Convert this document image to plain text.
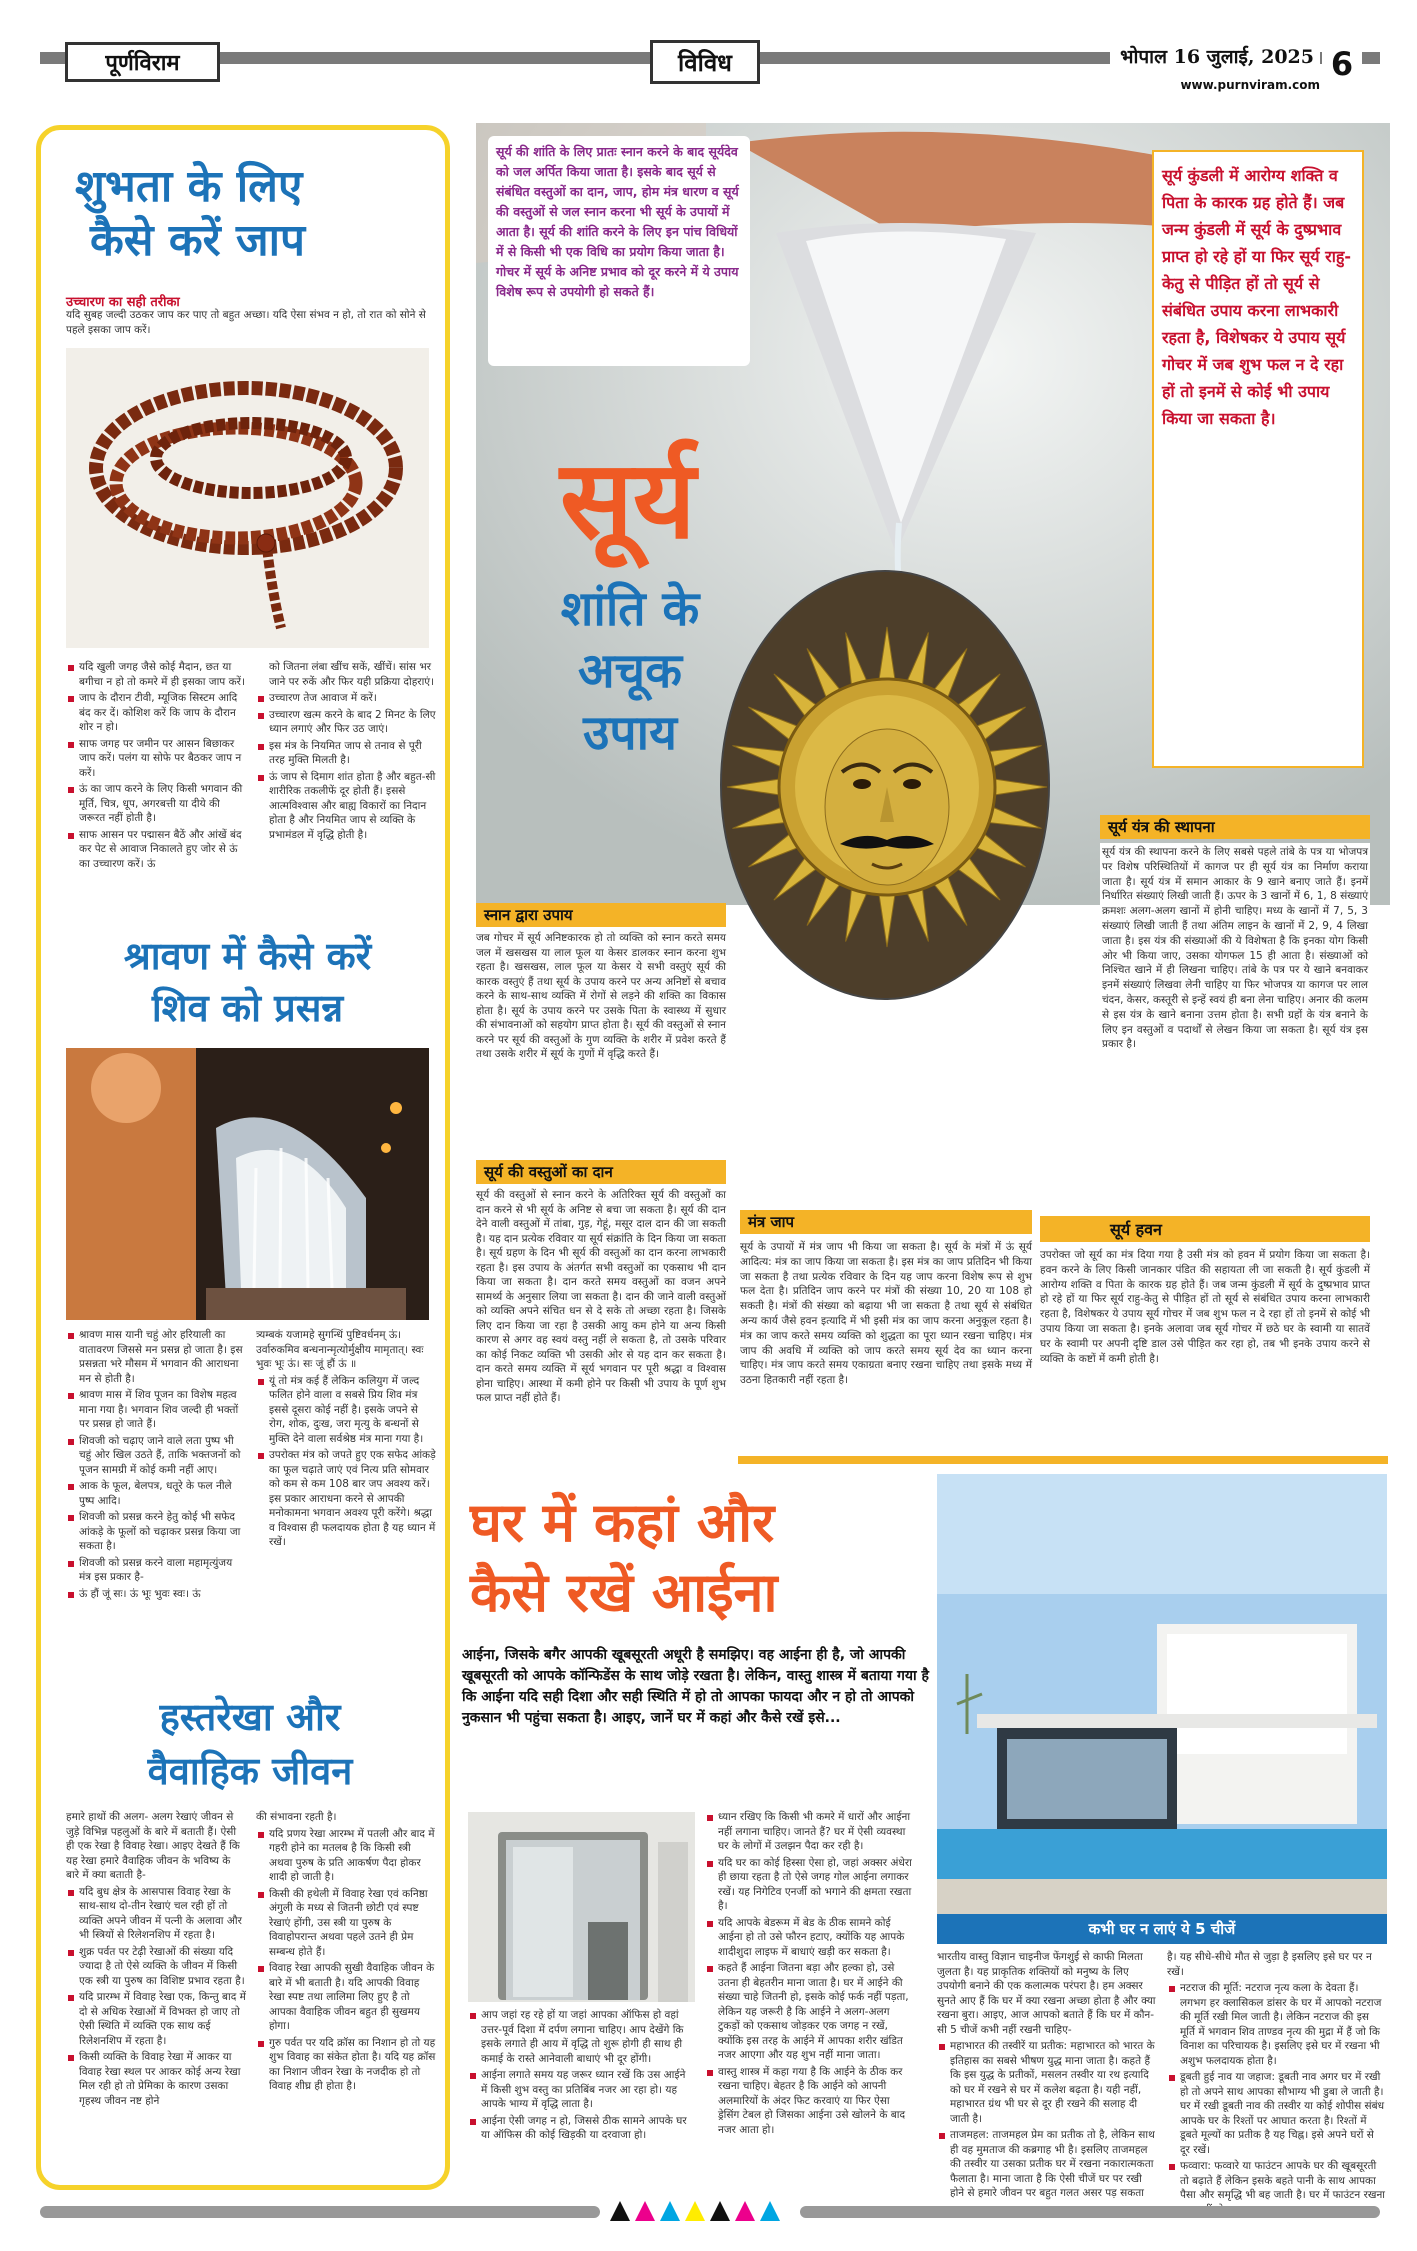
पूर्णविराम	विविध	भोपाल 16 जुलाई, 2025
www.purnviram.com
6
शुभता के लिए
कैसे करें जाप
उच्चारण का सही तरीका
यदि सुबह जल्दी उठकर जाप कर पाए तो बहुत अच्छा। यदि ऐसा संभव न हो, तो रात को सोने से पहले इसका जाप करें।
यदि खुली जगह जैसे कोई मैदान, छत या बगीचा न हो तो कमरे में ही इसका जाप करें।
जाप के दौरान टीवी, म्यूजिक सिस्टम आदि बंद कर दें। कोशिश करें कि जाप के दौरान शोर न हो।
साफ जगह पर जमीन पर आसन बिछाकर जाप करें। पलंग या सोफे पर बैठकर जाप न करें।
ऊं का जाप करने के लिए किसी भगवान की मूर्ति, चित्र, धूप, अगरबत्ती या दीये की जरूरत नहीं होती है।
साफ आसन पर पद्मासन बैठें और आंखें बंद कर पेट से आवाज निकालते हुए जोर से ऊं का उच्चारण करें। ऊं
को जितना लंबा खींच सकें, खींचें। सांस भर जाने पर रुकें और फिर यही प्रक्रिया दोहराएं।
उच्चारण तेज आवाज में करें।
उच्चारण खत्म करने के बाद 2 मिनट के लिए ध्यान लगाएं और फिर उठ जाएं।
इस मंत्र के नियमित जाप से तनाव से पूरी तरह मुक्ति मिलती है।
ऊं जाप से दिमाग शांत होता है और बहुत-सी शारीरिक तकलीफें दूर होती हैं। इससे आत्मविश्वास और बाह्य विकारों का निदान होता है और नियमित जाप से व्यक्ति के प्रभामंडल में वृद्धि होती है।
श्रावण में कैसे करें
शिव को प्रसन्न
श्रावण मास यानी चहुं ओर हरियाली का वातावरण जिससे मन प्रसन्न हो जाता है। इस प्रसन्नता भरे मौसम में भगवान की आराधना मन से होती है।
श्रावण मास में शिव पूजन का विशेष महत्व माना गया है। भगवान शिव जल्दी ही भक्तों पर प्रसन्न हो जाते हैं।
शिवजी को चढ़ाए जाने वाले लता पुष्प भी चहुं ओर खिल उठते हैं, ताकि भक्तजनों को पूजन सामग्री में कोई कमी नहीं आए।
आक के फूल, बेलपत्र, धतूरे के फल नीले पुष्प आदि।
शिवजी को प्रसन्न करने हेतु कोई भी सफेद आंकड़े के फूलों को चढ़ाकर प्रसन्न किया जा सकता है।
शिवजी को प्रसन्न करने वाला महामृत्युंजय मंत्र इस प्रकार है-
ऊं हौं जूं सः। ऊं भूः भुवः स्वः। ऊं
त्र्यम्बकं यजामहे सुगन्धिं पुष्टिवर्धनम्‌ ऊं। उर्वारुकमिव बन्धनान्मृत्योर्मुक्षीय मामृतात्‌। स्वः भुवः भूः ऊं। सः जूं हौं ऊं ॥
यूं तो मंत्र कई हैं लेकिन कलियुग में जल्द फलित होने वाला व सबसे प्रिय शिव मंत्र इससे दूसरा कोई नहीं है। इसके जपने से रोग, शोक, दुःख, जरा मृत्यु के बन्धनों से मुक्ति देने वाला सर्वश्रेष्ठ मंत्र माना गया है।
उपरोक्त मंत्र को जपते हुए एक सफेद आंकड़े का फूल चढ़ाते जाएं एवं नित्य प्रति सोमवार को कम से कम 108 बार जप अवश्य करें। इस प्रकार आराधना करने से आपकी मनोकामना भगवान अवश्य पूरी करेंगे। श्रद्धा व विश्वास ही फलदायक होता है यह ध्यान में रखें।
हस्तरेखा और
वैवाहिक जीवन
हमारे हाथों की अलग- अलग रेखाएं जीवन से जुड़े विभिन्न पहलुओं के बारे में बताती हैं। ऐसी ही एक रेखा है विवाह रेखा। आइए देखते हैं कि यह रेखा हमारे वैवाहिक जीवन के भविष्य के बारे में क्या बताती है-
यदि बुध क्षेत्र के आसपास विवाह रेखा के साथ-साथ दो-तीन रेखाएं चल रही हों तो व्यक्ति अपने जीवन में पत्नी के अलावा और भी स्त्रियों से रिलेशनशिप में रहता है।
शुक्र पर्वत पर टेढ़ी रेखाओं की संख्या यदि ज्यादा है तो ऐसे व्यक्ति के जीवन में किसी एक स्त्री या पुरुष का विशिष्ट प्रभाव रहता है।
यदि प्रारम्भ में विवाह रेखा एक, किन्तु बाद में दो से अधिक रेखाओं में विभक्त हो जाए तो ऐसी स्थिति में व्यक्ति एक साथ कई रिलेशनशिप में रहता है।
किसी व्यक्ति के विवाह रेखा में आकर या विवाह रेखा स्थल पर आकर कोई अन्य रेखा मिल रही हो तो प्रेमिका के कारण उसका गृहस्थ जीवन नष्ट होने
की संभावना रहती है।
यदि प्रणय रेखा आरम्भ में पतली और बाद में गहरी होने का मतलब है कि किसी स्त्री अथवा पुरुष के प्रति आकर्षण पैदा होकर शादी हो जाती है।
किसी की हथेली में विवाह रेखा एवं कनिष्ठा अंगुली के मध्य से जितनी छोटी एवं स्पष्ट रेखाएं होंगी, उस स्त्री या पुरुष के विवाहोपरान्त अथवा पहले उतने ही प्रेम सम्बन्ध होते हैं।
विवाह रेखा आपकी सुखी वैवाहिक जीवन के बारे में भी बताती है। यदि आपकी विवाह रेखा स्पष्ट तथा लालिमा लिए हुए है तो आपका वैवाहिक जीवन बहुत ही सुखमय होगा।
गुरु पर्वत पर यदि क्रॉस का निशान हो तो यह शुभ विवाह का संकेत होता है। यदि यह क्रॉस का निशान जीवन रेखा के नजदीक हो तो विवाह शीघ्र ही होता है।
सूर्य की शांति के लिए प्रातः स्नान करने के बाद सूर्यदेव को जल अर्पित किया जाता है। इसके बाद सूर्य से संबंधित वस्तुओं का दान, जाप, होम मंत्र धारण व सूर्य की वस्तुओं से जल स्नान करना भी सूर्य के उपायों में आता है। सूर्य की शांति करने के लिए इन पांच विधियों में से किसी भी एक विधि का प्रयोग किया जाता है। गोचर में सूर्य के अनिष्ट प्रभाव को दूर करने में ये उपाय विशेष रूप से उपयोगी हो सकते हैं।
सूर्य
शांति के
अचूक
उपाय
सूर्य कुंडली में आरोग्य शक्ति व पिता के कारक ग्रह होते हैं। जब जन्म कुंडली में सूर्य के दुष्प्रभाव प्राप्त हो रहे हों या फिर सूर्य राहु-केतु से पीड़ित हों तो सूर्य से संबंधित उपाय करना लाभकारी रहता है, विशेषकर ये उपाय सूर्य गोचर में जब शुभ फल न दे रहा हों तो इनमें से कोई भी उपाय किया जा सकता है।
स्नान द्वारा उपाय
जब गोचर में सूर्य अनिष्टकारक हो तो व्यक्ति को स्नान करते समय जल में खसखस या लाल फूल या केसर डालकर स्नान करना शुभ रहता है। खसखस, लाल फूल या केसर ये सभी वस्तुएं सूर्य की कारक वस्तुएं हैं तथा सूर्य के उपाय करने पर अन्य अनिष्टों से बचाव करने के साथ-साथ व्यक्ति में रोगों से लड़ने की शक्ति का विकास होता है। सूर्य के उपाय करने पर उसके पिता के स्वास्थ्य में सुधार की संभावनाओं को सहयोग प्राप्त होता है। सूर्य की वस्तुओं से स्नान करने पर सूर्य की वस्तुओं के गुण व्यक्ति के शरीर में प्रवेश करते हैं तथा उसके शरीर में सूर्य के गुणों में वृद्धि करते हैं।
सूर्य की वस्तुओं का दान
सूर्य की वस्तुओं से स्नान करने के अतिरिक्त सूर्य की वस्तुओं का दान करने से भी सूर्य के अनिष्ट से बचा जा सकता है। सूर्य की दान देने वाली वस्तुओं में तांबा, गुड़, गेहूं, मसूर दाल दान की जा सकती है। यह दान प्रत्येक रविवार या सूर्य संक्रांति के दिन किया जा सकता है। सूर्य ग्रहण के दिन भी सूर्य की वस्तुओं का दान करना लाभकारी रहता है। इस उपाय के अंतर्गत सभी वस्तुओं का एकसाथ भी दान किया जा सकता है। दान करते समय वस्तुओं का वजन अपने सामर्थ्य के अनुसार लिया जा सकता है। दान की जाने वाली वस्तुओं को व्यक्ति अपने संचित धन से दे सके तो अच्छा रहता है। जिसके लिए दान किया जा रहा है उसकी आयु कम होने या अन्य किसी कारण से अगर वह स्वयं वस्तु नहीं ले सकता है, तो उसके परिवार का कोई निकट व्यक्ति भी उसकी ओर से यह दान कर सकता है। दान करते समय व्यक्ति में सूर्य भगवान पर पूरी श्रद्धा व विश्वास होना चाहिए। आस्था में कमी होने पर किसी भी उपाय के पूर्ण शुभ फल प्राप्त नहीं होते हैं।
सूर्य यंत्र की स्थापना
सूर्य यंत्र की स्थापना करने के लिए सबसे पहले तांबे के पत्र या भोजपत्र पर विशेष परिस्थितियों में कागज पर ही सूर्य यंत्र का निर्माण कराया जाता है। सूर्य यंत्र में समान आकार के 9 खाने बनाए जाते हैं। इनमें निर्धारित संख्याएं लिखी जाती हैं। ऊपर के 3 खानों में 6, 1, 8 संख्याएं क्रमशः अलग-अलग खानों में होनी चाहिए। मध्य के खानों में 7, 5, 3 संख्याएं लिखी जाती हैं तथा अंतिम लाइन के खानों में 2, 9, 4 लिखा जाता है। इस यंत्र की संख्याओं की ये विशेषता है कि इनका योग किसी ओर भी किया जाए, उसका योगफल 15 ही आता है। संख्याओं को निश्चित खाने में ही लिखना चाहिए। तांबे के पत्र पर ये खाने बनवाकर इनमें संख्याएं लिखवा लेनी चाहिए या फिर भोजपत्र या कागज पर लाल चंदन, केसर, कस्तूरी से इन्हें स्वयं ही बना लेना चाहिए। अनार की कलम से इस यंत्र के खाने बनाना उत्तम होता है। सभी ग्रहों के यंत्र बनाने के लिए इन वस्तुओं व पदार्थों से लेखन किया जा सकता है। सूर्य यंत्र इस प्रकार है।
सूर्य हवन
उपरोक्त जो सूर्य का मंत्र दिया गया है उसी मंत्र को हवन में प्रयोग किया जा सकता है। हवन करने के लिए किसी जानकार पंडित की सहायता ली जा सकती है। सूर्य कुंडली में आरोग्य शक्ति व पिता के कारक ग्रह होते हैं। जब जन्म कुंडली में सूर्य के दुष्प्रभाव प्राप्त हो रहे हों या फिर सूर्य राहु-केतु से पीड़ित हों तो सूर्य से संबंधित उपाय करना लाभकारी रहता है, विशेषकर ये उपाय सूर्य गोचर में जब शुभ फल न दे रहा हों तो इनमें से कोई भी उपाय किया जा सकता है। इनके अलावा जब सूर्य गोचर में छठे घर के स्वामी या सातवें घर के स्वामी पर अपनी दृष्टि डाल उसे पीड़ित कर रहा हो, तब भी इनके उपाय करने से व्यक्ति के कष्टों में कमी होती है।
मंत्र जाप
सूर्य के उपायों में मंत्र जाप भी किया जा सकता है। सूर्य के मंत्रों में ऊं सूर्य आदित्य: मंत्र का जाप किया जा सकता है। इस मंत्र का जाप प्रतिदिन भी किया जा सकता है तथा प्रत्येक रविवार के दिन यह जाप करना विशेष रूप से शुभ फल देता है। प्रतिदिन जाप करने पर मंत्रों की संख्या 10, 20 या 108 हो सकती है। मंत्रों की संख्या को बढ़ाया भी जा सकता है तथा सूर्य से संबंधित अन्य कार्य जैसे हवन इत्यादि में भी इसी मंत्र का जाप करना अनुकूल रहता है। मंत्र का जाप करते समय व्यक्ति को शुद्धता का पूरा ध्यान रखना चाहिए। मंत्र जाप की अवधि में व्यक्ति को जाप करते समय सूर्य देव का ध्यान करना चाहिए। मंत्र जाप करते समय एकाग्रता बनाए रखना चाहिए तथा इसके मध्य में उठना हितकारी नहीं रहता है।
घर में कहां और
कैसे रखें आईना
आईना, जिसके बगैर आपकी खूबसूरती अधूरी है समझिए। वह आईना ही है, जो आपकी खूबसूरती को आपके कॉन्फिडेंस के साथ जोड़े रखता है। लेकिन, वास्तु शास्त्र में बताया गया है कि आईना यदि सही दिशा और सही स्थिति में हो तो आपका फायदा और न हो तो आपको नुकसान भी पहुंचा सकता है। आइए, जानें घर में कहां और कैसे रखें इसे...
आप जहां रह रहे हों या जहां आपका ऑफिस हो वहां उत्तर-पूर्व दिशा में दर्पण लगाना चाहिए। आप देखेंगे कि इसके लगाते ही आय में वृद्धि तो शुरू होगी ही साथ ही कमाई के रास्ते आनेवाली बाधाएं भी दूर होंगी।
आईना लगाते समय यह जरूर ध्यान रखें कि उस आईने में किसी शुभ वस्तु का प्रतिबिंब नजर आ रहा हो। यह आपके भाग्य में वृद्धि लाता है।
आईना ऐसी जगह न हो, जिससे ठीक सामने आपके घर या ऑफिस की कोई खिड़की या दरवाजा हो।
ध्यान रखिए कि किसी भी कमरे में धारों और आईना नहीं लगाना चाहिए। जानते हैं? घर में ऐसी व्यवस्था घर के लोगों में उलझन पैदा कर रही है।
यदि घर का कोई हिस्सा ऐसा हो, जहां अक्सर अंधेरा ही छाया रहता है तो ऐसे जगह गोल आईना लगाकर रखें। यह निगेटिव एनर्जी को भगाने की क्षमता रखता है।
यदि आपके बेडरूम में बेड के ठीक सामने कोई आईना हो तो उसे फौरन हटाए, क्योंकि यह आपके शादीशुदा लाइफ में बाधाएं खड़ी कर सकता है।
कहते हैं आईना जितना बड़ा और हल्का हो, उसे उतना ही बेहतरीन माना जाता है। घर में आईने की संख्या चाहे जितनी हो, इसके कोई फर्क नहीं पड़ता, लेकिन यह जरूरी है कि आईने ने अलग-अलग टुकड़ों को एकसाथ जोड़कर एक जगह न रखें, क्योंकि इस तरह के आईने में आपका शरीर खंडित नजर आएगा और यह शुभ नहीं माना जाता।
वास्तु शास्त्र में कहा गया है कि आईने के ठीक कर रखना चाहिए। बेहतर है कि आईने को आपनी अलमारियों के अंदर फिट करवाएं या फिर ऐसा ड्रेसिंग टेबल हो जिसका आईना उसे खोलने के बाद नजर आता हो।
कभी घर न लाएं ये 5 चीजें
भारतीय वास्तु विज्ञान चाइनीज फेंगशुई से काफी मिलता जुलता है। यह प्राकृतिक शक्तियों को मनुष्य के लिए उपयोगी बनाने की एक कलात्मक परंपरा है। हम अक्सर सुनते आए हैं कि घर में क्या रखना अच्छा होता है और क्या रखना बुरा। आइए, आज आपको बताते हैं कि घर में कौन-सी 5 चीजें कभी नहीं रखनी चाहिए-
महाभारत की तस्वीरें या प्रतीक: महाभारत को भारत के इतिहास का सबसे भीषण युद्ध माना जाता है। कहते हैं कि इस युद्ध के प्रतीकों, मसलन तस्वीर या रथ इत्यादि को घर में रखने से घर में कलेश बढ़ता है। यही नहीं, महाभारत ग्रंथ भी घर से दूर ही रखने की सलाह दी जाती है।
ताजमहल: ताजमहल प्रेम का प्रतीक तो है, लेकिन साथ ही वह मुमताज की कब्रगाह भी है। इसलिए ताजमहल की तस्वीर या उसका प्रतीक घर में रखना नकारात्मकता फैलाता है। माना जाता है कि ऐसी चीजें घर पर रखी होने से हमारे जीवन पर बहुत गलत असर पड़ सकता
है। यह सीधे-सीधे मौत से जुड़ा है इसलिए इसे घर पर न रखें।
नटराज की मूर्ति: नटराज नृत्य कला के देवता हैं। लगभग हर क्लासिकल डांसर के घर में आपको नटराज की मूर्ति रखी मिल जाती है। लेकिन नटराज की इस मूर्ति में भगवान शिव ताण्डव नृत्य की मुद्रा में हैं जो कि विनाश का परिचायक है। इसलिए इसे घर में रखना भी अशुभ फलदायक होता है।
डूबती हुई नाव या जहाज: डूबती नाव अगर घर में रखी हो तो अपने साथ आपका सौभाग्य भी डुबा ले जाती है। घर में रखी डूबती नाव की तस्वीर या कोई शोपीस संबंध आपके घर के रिश्तों पर आघात करता है। रिश्तों में डूबते मूल्यों का प्रतीक है यह चिह्न। इसे अपने घरों से दूर रखें।
फव्वारा: फव्वारे या फाउंटन आपके घर की खूबसूरती तो बढ़ाते हैं लेकिन इसके बहते पानी के साथ आपका पैसा और समृद्धि भी बह जाती है। घर में फाउंटन रखना
